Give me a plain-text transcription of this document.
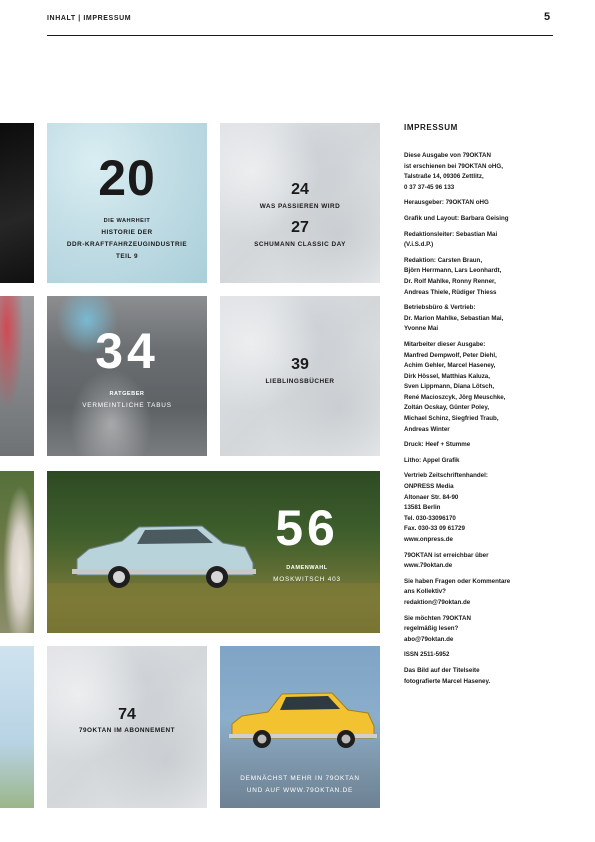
INHALT | IMPRESSUM	5
20
DIE WAHRHEIT
HISTORIE DER
DDR-KRAFTFAHRZEUGINDUSTRIE
TEIL 9
24
WAS PASSIEREN WIRD
27
SCHUMANN CLASSIC DAY
34
RATGEBER
VERMEINTLICHE TABUS
39
LIEBLINGSBÜCHER
56
DAMENWAHL
MOSKWITSCH 403
74
79OKTAN IM ABONNEMENT
DEMNÄCHST MEHR IN 79OKTAN
UND AUF WWW.79OKTAN.DE
IMPRESSUM
Diese Ausgabe von 79OKTAN
ist erschienen bei 79OKTAN oHG,
Talstraße 14, 09306 Zettlitz,
0 37 37-45 96 133
Herausgeber: 79OKTAN oHG
Grafik und Layout: Barbara Geising
Redaktionsleiter: Sebastian Mai
(V.i.S.d.P.)
Redaktion: Carsten Braun,
Björn Herrmann, Lars Leonhardt,
Dr. Rolf Mahlke, Ronny Renner,
Andreas Thiele, Rüdiger Thiess
Betriebsbüro & Vertrieb:
Dr. Marion Mahlke, Sebastian Mai,
Yvonne Mai
Mitarbeiter dieser Ausgabe:
Manfred Dempwolf, Peter Diehl,
Achim Gehler, Marcel Haseney,
Dirk Hössel, Matthias Kaluza,
Sven Lippmann, Diana Lötsch,
René Macioszcyk, Jörg Meuschke,
Zoltán Ocskay, Günter Poley,
Michael Schinz, Siegfried Traub,
Andreas Winter
Druck: Heef + Stumme
Litho: Appel Grafik
Vertrieb Zeitschriftenhandel:
ONPRESS Media
Altonaer Str. 84-90
13581 Berlin
Tel. 030-33096170
Fax. 030-33 09 61729
www.onpress.de
79OKTAN ist erreichbar über
www.79oktan.de
Sie haben Fragen oder Kommentare
ans Kollektiv?
redaktion@79oktan.de
Sie möchten 79OKTAN
regelmäßig lesen?
abo@79oktan.de
ISSN 2511-5952
Das Bild auf der Titelseite
fotografierte Marcel Haseney.
